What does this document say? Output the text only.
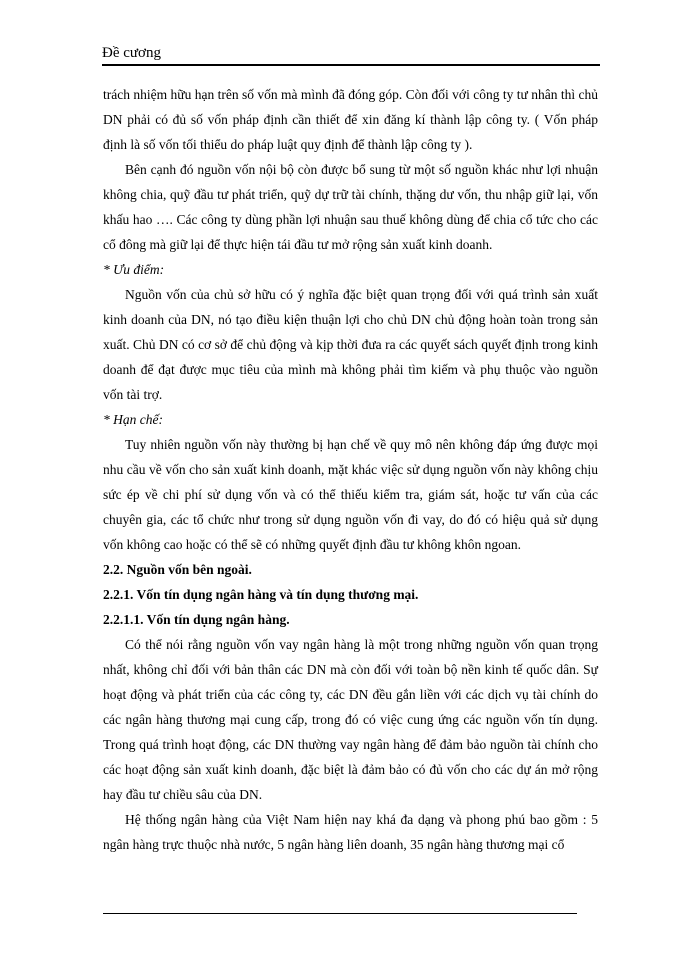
Đề cương

trách nhiệm hữu hạn trên số vốn mà mình đã đóng góp. Còn đối với công ty tư nhân thì chủ DN phải có đủ số vốn pháp định cần thiết để xin đăng kí thành lập công ty. ( Vốn pháp định là số vốn tối thiểu do pháp luật quy định để thành lập công ty ).

Bên cạnh đó nguồn vốn nội bộ còn được bổ sung từ một số nguồn khác như lợi nhuận không chia, quỹ đầu tư phát triển, quỹ dự trữ tài chính, thặng dư vốn, thu nhập giữ lại, vốn khấu hao …. Các công ty dùng phần lợi nhuận sau thuế không dùng để chia cổ tức cho các cổ đông mà giữ lại để thực hiện tái đầu tư mở rộng sản xuất kinh doanh.

* Ưu điểm:

Nguồn vốn của chủ sở hữu có ý nghĩa đặc biệt quan trọng đối với quá trình sản xuất kinh doanh của DN, nó tạo điều kiện thuận lợi cho chủ DN chủ động hoàn toàn trong sản xuất. Chủ DN có cơ sở để chủ động và kịp thời đưa ra các quyết sách quyết định trong kinh doanh để đạt được mục tiêu của mình mà không phải tìm kiếm và phụ thuộc vào nguồn vốn tài trợ.

* Hạn chế:

Tuy nhiên nguồn vốn này thường bị hạn chế về quy mô nên không đáp ứng được mọi nhu cầu về vốn cho sản xuất kinh doanh, mặt khác việc sử dụng nguồn vốn này không chịu sức ép về chi phí sử dụng vốn và có thể thiếu kiểm tra, giám sát, hoặc tư vấn của các chuyên gia, các tổ chức như trong sử dụng nguồn vốn đi vay, do đó có hiệu quả sử dụng vốn không cao hoặc có thể sẽ có những quyết định đầu tư không khôn ngoan.

2.2. Nguồn vốn bên ngoài.

2.2.1. Vốn tín dụng ngân hàng và tín dụng thương mại.

2.2.1.1. Vốn tín dụng ngân hàng.

Có thể nói rằng nguồn vốn vay ngân hàng là một trong những nguồn vốn quan trọng nhất, không chỉ đối với bản thân các DN mà còn đối với toàn bộ nền kinh tế quốc dân. Sự hoạt động và phát triển của các công ty, các DN đều gắn liền với các dịch vụ tài chính do các ngân hàng thương mại cung cấp, trong đó có việc cung ứng các nguồn vốn tín dụng. Trong quá trình hoạt động, các DN thường vay ngân hàng để đảm bảo nguồn tài chính cho các hoạt động sản xuất kinh doanh, đặc biệt là đảm bảo có đủ vốn cho các dự án mở rộng hay đầu tư chiều sâu của DN.

Hệ thống ngân hàng của Việt Nam hiện nay khá đa dạng và phong phú bao gồm : 5 ngân hàng trực thuộc nhà nước, 5 ngân hàng liên doanh, 35 ngân hàng thương mại cổ
